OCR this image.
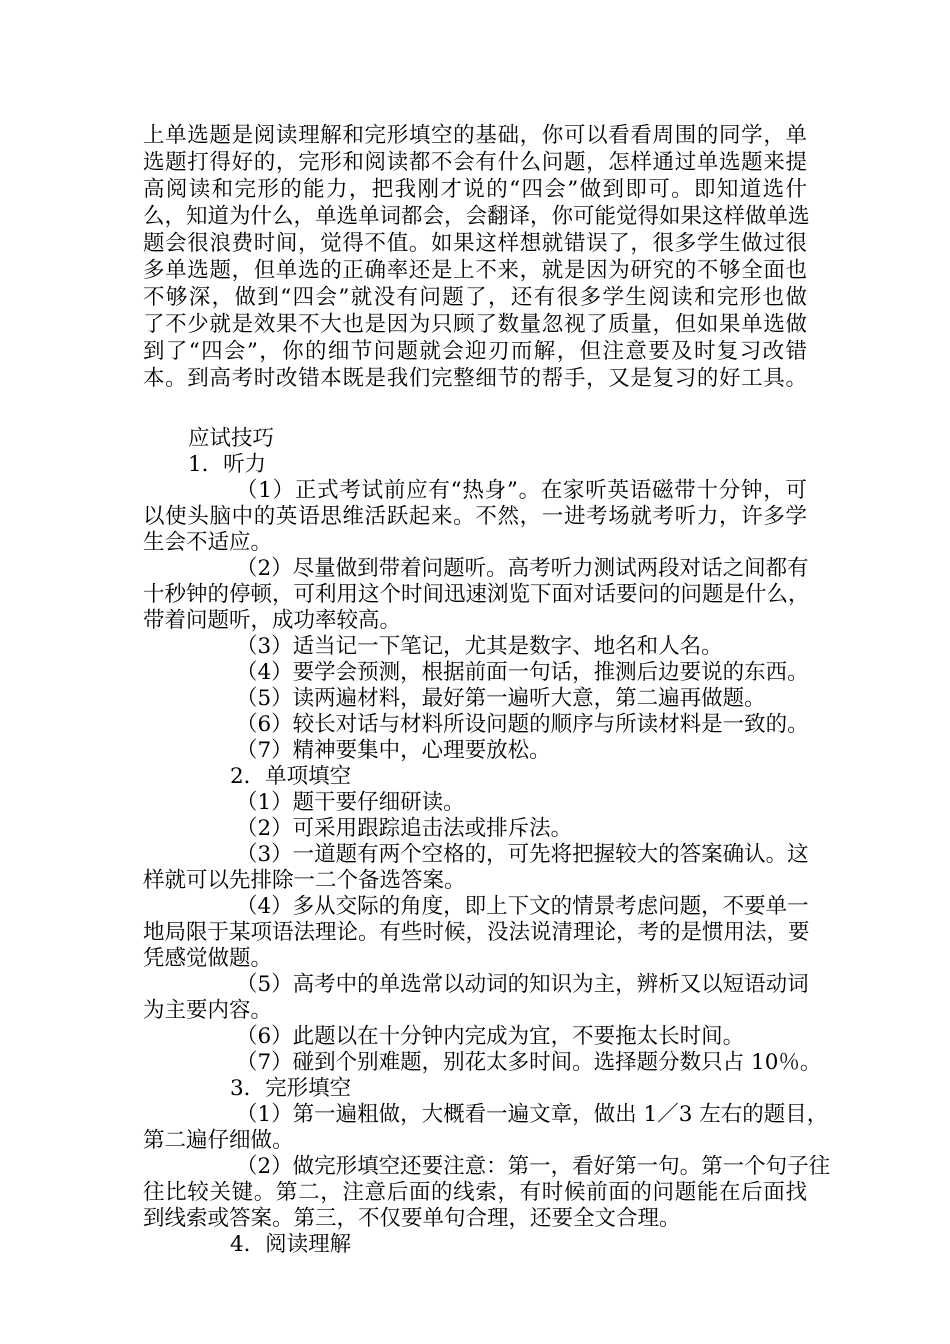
上单选题是阅读理解和完形填空的基础，你可以看看周围的同学，单
选题打得好的，完形和阅读都不会有什么问题，怎样通过单选题来提
高阅读和完形的能力，把我刚才说的“四会”做到即可。即知道选什
么，知道为什么，单选单词都会，会翻译，你可能觉得如果这样做单选
题会很浪费时间，觉得不值。如果这样想就错误了，很多学生做过很
多单选题，但单选的正确率还是上不来，就是因为研究的不够全面也
不够深，做到“四会”就没有问题了，还有很多学生阅读和完形也做
了不少就是效果不大也是因为只顾了数量忽视了质量，但如果单选做
到了“四会”，你的细节问题就会迎刃而解，但注意要及时复习改错
本。到高考时改错本既是我们完整细节的帮手，又是复习的好工具。
应试技巧
1．听力
（1）正式考试前应有“热身”。在家听英语磁带十分钟，可
以使头脑中的英语思维活跃起来。不然，一进考场就考听力，许多学
生会不适应。
（2）尽量做到带着问题听。高考听力测试两段对话之间都有
十秒钟的停顿，可利用这个时间迅速浏览下面对话要问的问题是什么，
带着问题听，成功率较高。
（3）适当记一下笔记，尤其是数字、地名和人名。
（4）要学会预测，根据前面一句话，推测后边要说的东西。
（5）读两遍材料，最好第一遍听大意，第二遍再做题。
（6）较长对话与材料所设问题的顺序与所读材料是一致的。
（7）精神要集中，心理要放松。
2．单项填空
（1）题干要仔细研读。
（2）可采用跟踪追击法或排斥法。
（3）一道题有两个空格的，可先将把握较大的答案确认。这
样就可以先排除一二个备选答案。
（4）多从交际的角度，即上下文的情景考虑问题，不要单一
地局限于某项语法理论。有些时候，没法说清理论，考的是惯用法，要
凭感觉做题。
（5）高考中的单选常以动词的知识为主，辨析又以短语动词
为主要内容。
（6）此题以在十分钟内完成为宜，不要拖太长时间。
（7）碰到个别难题，别花太多时间。选择题分数只占 10％。
3．完形填空
（1）第一遍粗做，大概看一遍文章，做出 1／3 左右的题目，
第二遍仔细做。
（2）做完形填空还要注意：第一，看好第一句。第一个句子往
往比较关键。第二，注意后面的线索，有时候前面的问题能在后面找
到线索或答案。第三，不仅要单句合理，还要全文合理。
4．阅读理解
